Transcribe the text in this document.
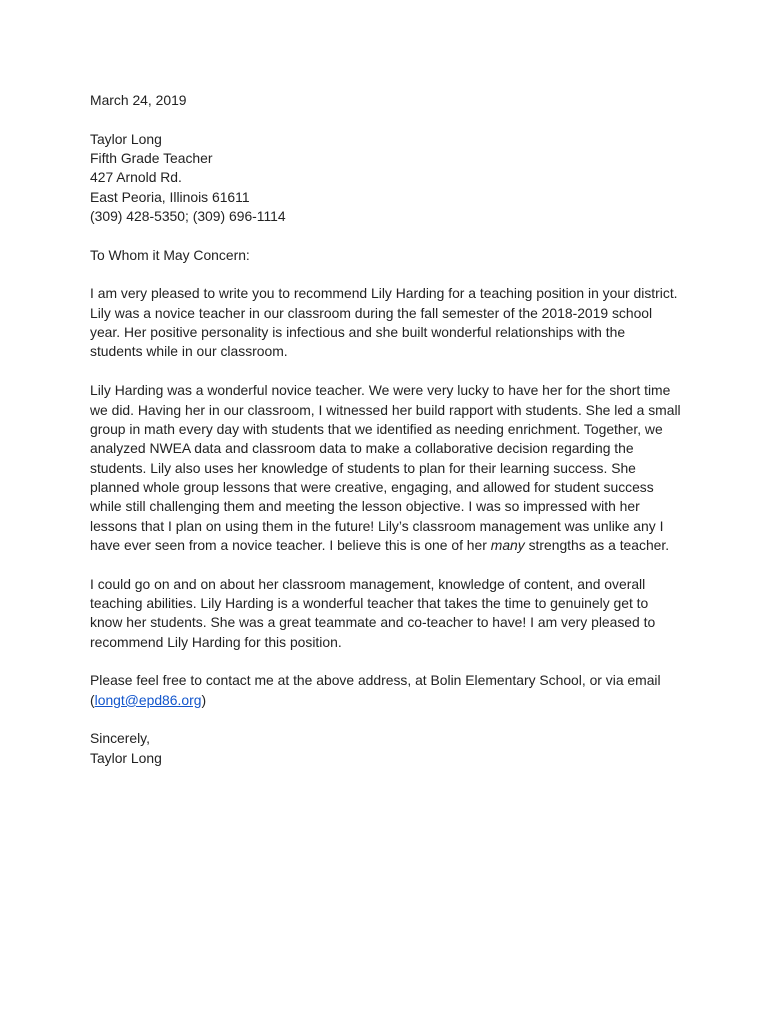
March 24, 2019
Taylor Long
Fifth Grade Teacher
427 Arnold Rd.
East Peoria, Illinois 61611
(309) 428-5350; (309) 696-1114
To Whom it May Concern:
I am very pleased to write you to recommend Lily Harding for a teaching position in your district.
Lily was a novice teacher in our classroom during the fall semester of the 2018-2019 school
year. Her positive personality is infectious and she built wonderful relationships with the
students while in our classroom.
Lily Harding was a wonderful novice teacher. We were very lucky to have her for the short time
we did. Having her in our classroom, I witnessed her build rapport with students. She led a small
group in math every day with students that we identified as needing enrichment. Together, we
analyzed NWEA data and classroom data to make a collaborative decision regarding the
students. Lily also uses her knowledge of students to plan for their learning success. She
planned whole group lessons that were creative, engaging, and allowed for student success
while still challenging them and meeting the lesson objective. I was so impressed with her
lessons that I plan on using them in the future! Lily’s classroom management was unlike any I
have ever seen from a novice teacher. I believe this is one of her many strengths as a teacher.
I could go on and on about her classroom management, knowledge of content, and overall
teaching abilities. Lily Harding is a wonderful teacher that takes the time to genuinely get to
know her students. She was a great teammate and co-teacher to have! I am very pleased to
recommend Lily Harding for this position.
Please feel free to contact me at the above address, at Bolin Elementary School, or via email
(longt@epd86.org)
Sincerely,
Taylor Long
